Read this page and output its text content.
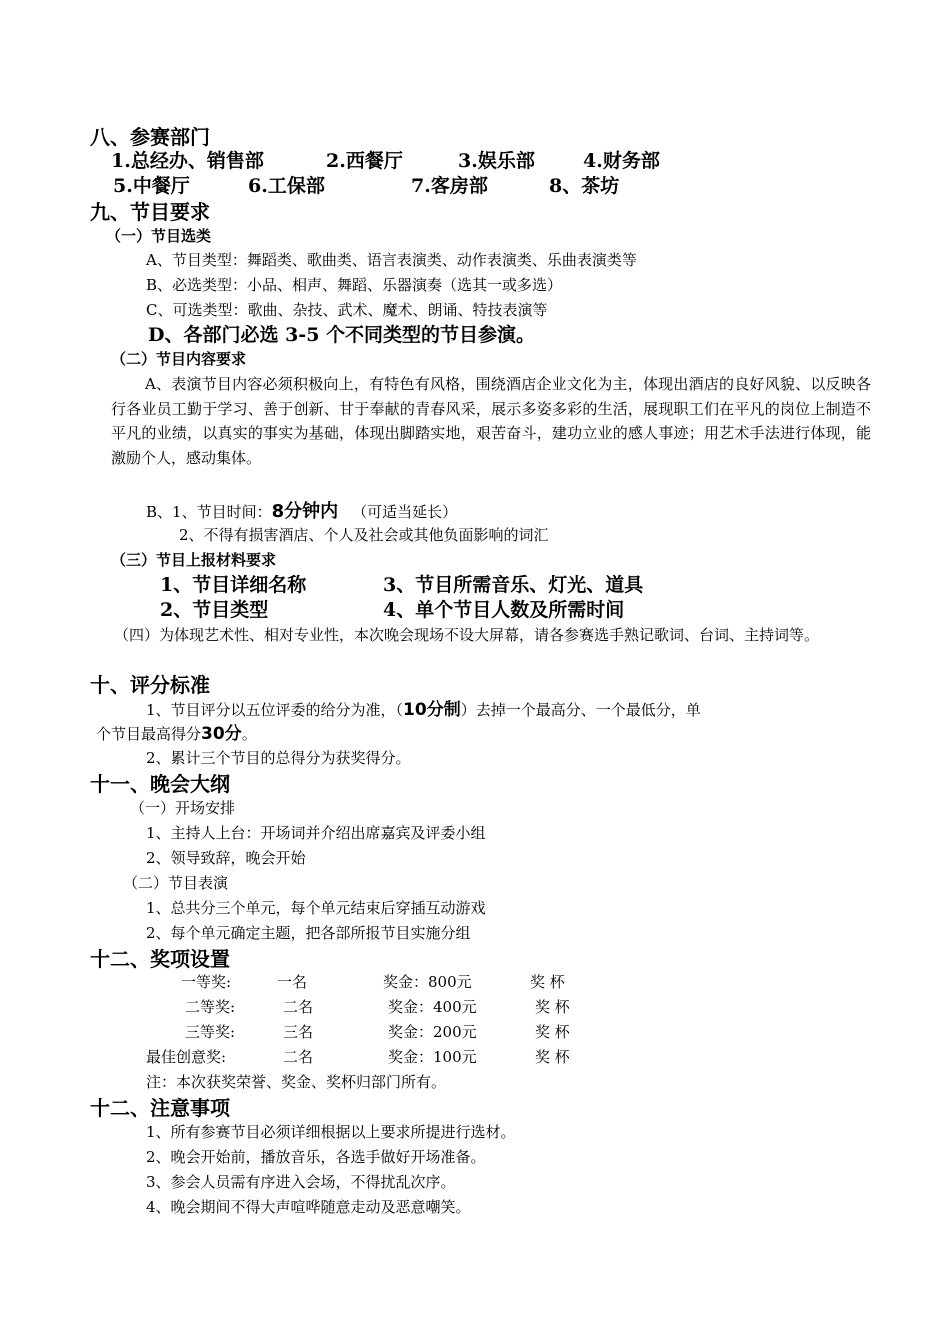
八、参赛部门
1.总经办、销售部	2.西餐厅	3.娱乐部	4.财务部
5.中餐厅	6.工保部	7.客房部	8、茶坊
九、节目要求
（一）节目选类
A、节目类型：舞蹈类、歌曲类、语言表演类、动作表演类、乐曲表演类等
B、必选类型：小品、相声、舞蹈、乐器演奏（选其一或多选）
C、可选类型：歌曲、杂技、武术、魔术、朗诵、特技表演等
D、各部门必选 3-5 个不同类型的节目参演。
（二）节目内容要求
A、表演节目内容必须积极向上，有特色有风格，围绕酒店企业文化为主，体现出酒店的良好风貌、以反映各行各业员工勤于学习、善于创新、甘于奉献的青春风采，展示多姿多彩的生活，展现职工们在平凡的岗位上制造不平凡的业绩，以真实的事实为基础，体现出脚踏实地，艰苦奋斗，建功立业的感人事迹；用艺术手法进行体现，能激励个人，感动集体。
B、1、节目时间：8分钟内 （可适当延长）
2、不得有损害酒店、个人及社会或其他负面影响的词汇
（三）节目上报材料要求
1、节目详细名称	3、节目所需音乐、灯光、道具
2、节目类型	4、单个节目人数及所需时间
（四）为体现艺术性、相对专业性，本次晚会现场不设大屏幕，请各参赛选手熟记歌词、台词、主持词等。
十、评分标准
1、节目评分以五位评委的给分为准，（10分制）去掉一个最高分、一个最低分，单
个节目最高得分30分。
2、累计三个节目的总得分为获奖得分。
十一、晚会大纲
（一）开场安排
1、主持人上台：开场词并介绍出席嘉宾及评委小组
2、领导致辞，晚会开始
（二）节目表演
1、总共分三个单元，每个单元结束后穿插互动游戏
2、每个单元确定主题，把各部所报节目实施分组
十二、奖项设置
一等奖:	一名	奖金：800元	奖 杯
二等奖:	二名	奖金：400元	奖 杯
三等奖:	三名	奖金：200元	奖 杯
最佳创意奖:	二名	奖金：100元	奖 杯
注：本次获奖荣誉、奖金、奖杯归部门所有。
十二、注意事项
1、所有参赛节目必须详细根据以上要求所提进行选材。
2、晚会开始前，播放音乐，各选手做好开场准备。
3、参会人员需有序进入会场，不得扰乱次序。
4、晚会期间不得大声喧哗随意走动及恶意嘲笑。
